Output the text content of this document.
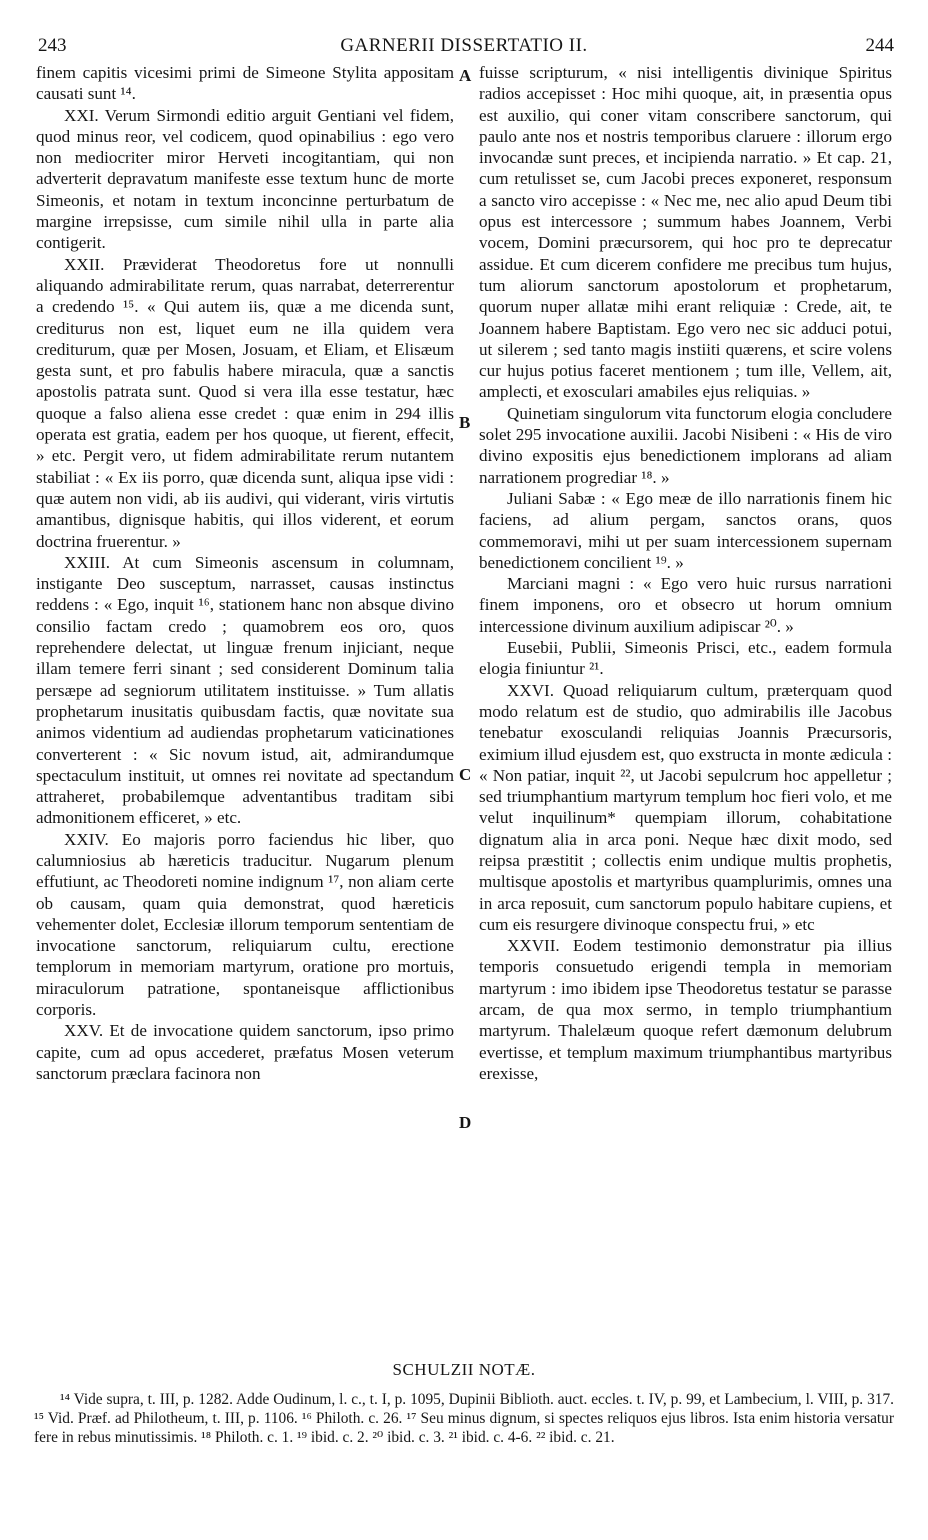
243	GARNERII DISSERTATIO II.	244

finem capitis vicesimi primi de Simeone Stylita appositam causati sunt ¹⁴.

XXI. Verum Sirmondi editio arguit Gentiani vel fidem, quod minus reor, vel codicem, quod opinabilius : ego vero non mediocriter miror Herveti incogitantiam, qui non adverterit depravatum manifeste esse textum hunc de morte Simeonis, et notam in textum inconcinne perturbatum de margine irrepsisse, cum simile nihil ulla in parte alia contigerit.

XXII. Præviderat Theodoretus fore ut nonnulli aliquando admirabilitate rerum, quas narrabat, deterrerentur a credendo ¹⁵. « Qui autem iis, quæ a me dicenda sunt, crediturus non est, liquet eum ne illa quidem vera crediturum, quæ per Mosen, Josuam, et Eliam, et Elisæum gesta sunt, et pro fabulis habere miracula, quæ a sanctis apostolis patrata sunt. Quod si vera illa esse testatur, hæc quoque a falso aliena esse credet : quæ enim in 294 illis operata est gratia, eadem per hos quoque, ut fierent, effecit, » etc. Pergit vero, ut fidem admirabilitate rerum nutantem stabiliat : « Ex iis porro, quæ dicenda sunt, aliqua ipse vidi : quæ autem non vidi, ab iis audivi, qui viderant, viris virtutis amantibus, dignisque habitis, qui illos viderent, et eorum doctrina fruerentur. »

XXIII. At cum Simeonis ascensum in columnam, instigante Deo susceptum, narrasset, causas instinctus reddens : « Ego, inquit ¹⁶, stationem hanc non absque divino consilio factam credo ; quamobrem eos oro, quos reprehendere delectat, ut linguæ frenum injiciant, neque illam temere ferri sinant ; sed considerent Dominum talia persæpe ad segniorum utilitatem instituisse. » Tum allatis prophetarum inusitatis quibusdam factis, quæ novitate sua animos videntium ad audiendas prophetarum vaticinationes converterent : « Sic novum istud, ait, admirandumque spectaculum instituit, ut omnes rei novitate ad spectandum attraheret, probabilemque adventantibus traditam sibi admonitionem efficeret, » etc.

XXIV. Eo majoris porro faciendus hic liber, quo calumniosius ab hæreticis traducitur. Nugarum plenum effutiunt, ac Theodoreti nomine indignum ¹⁷, non aliam certe ob causam, quam quia demonstrat, quod hæreticis vehementer dolet, Ecclesiæ illorum temporum sententiam de invocatione sanctorum, reliquiarum cultu, erectione templorum in memoriam martyrum, oratione pro mortuis, miraculorum patratione, spontaneisque afflictionibus corporis.

XXV. Et de invocatione quidem sanctorum, ipso primo capite, cum ad opus accederet, præfatus Mosen veterum sanctorum præclara facinora non

A
B
C
D

fuisse scripturum, « nisi intelligentis divinique Spiritus radios accepisset : Hoc mihi quoque, ait, in præsentia opus est auxilio, qui coner vitam conscribere sanctorum, qui paulo ante nos et nostris temporibus claruere : illorum ergo invocandæ sunt preces, et incipienda narratio. » Et cap. 21, cum retulisset se, cum Jacobi preces exponeret, responsum a sancto viro accepisse : « Nec me, nec alio apud Deum tibi opus est intercessore ; summum habes Joannem, Verbi vocem, Domini præcursorem, qui hoc pro te deprecatur assidue. Et cum dicerem confidere me precibus tum hujus, tum aliorum sanctorum apostolorum et prophetarum, quorum nuper allatæ mihi erant reliquiæ : Crede, ait, te Joannem habere Baptistam. Ego vero nec sic adduci potui, ut silerem ; sed tanto magis instiiti quærens, et scire volens cur hujus potius faceret mentionem ; tum ille, Vellem, ait, amplecti, et exosculari amabiles ejus reliquias. »

Quinetiam singulorum vita functorum elogia concludere solet 295 invocatione auxilii. Jacobi Nisibeni : « His de viro divino expositis ejus benedictionem implorans ad aliam narrationem progrediar ¹⁸. »

Juliani Sabæ : « Ego meæ de illo narrationis finem hic faciens, ad alium pergam, sanctos orans, quos commemoravi, mihi ut per suam intercessionem supernam benedictionem concilient ¹⁹. »

Marciani magni : « Ego vero huic rursus narrationi finem imponens, oro et obsecro ut horum omnium intercessione divinum auxilium adipiscar ²⁰. »

Eusebii, Publii, Simeonis Prisci, etc., eadem formula elogia finiuntur ²¹.

XXVI. Quoad reliquiarum cultum, præterquam quod modo relatum est de studio, quo admirabilis ille Jacobus tenebatur exosculandi reliquias Joannis Præcursoris, eximium illud ejusdem est, quo exstructa in monte ædicula : « Non patiar, inquit ²², ut Jacobi sepulcrum hoc appelletur ; sed triumphantium martyrum templum hoc fieri volo, et me velut inquilinum* quempiam illorum, cohabitatione dignatum alia in arca poni. Neque hæc dixit modo, sed reipsa præstitit ; collectis enim undique multis prophetis, multisque apostolis et martyribus quamplurimis, omnes una in arca reposuit, cum sanctorum populo habitare cupiens, et cum eis resurgere divinoque conspectu frui, » etc

XXVII. Eodem testimonio demonstratur pia illius temporis consuetudo erigendi templa in memoriam martyrum : imo ibidem ipse Theodoretus testatur se parasse arcam, de qua mox sermo, in templo triumphantium martyrum. Thalelæum quoque refert dæmonum delubrum evertisse, et templum maximum triumphantibus martyribus erexisse,

SCHULZII NOTÆ.

¹⁴ Vide supra, t. III, p. 1282. Adde Oudinum, l. c., t. I, p. 1095, Dupinii Biblioth. auct. eccles. t. IV, p. 99, et Lambecium, l. VIII, p. 317. ¹⁵ Vid. Præf. ad Philotheum, t. III, p. 1106. ¹⁶ Philoth. c. 26. ¹⁷ Seu minus dignum, si spectes reliquos ejus libros. Ista enim historia versatur fere in rebus minutissimis. ¹⁸ Philoth. c. 1. ¹⁹ ibid. c. 2. ²⁰ ibid. c. 3. ²¹ ibid. c. 4-6. ²² ibid. c. 21.
